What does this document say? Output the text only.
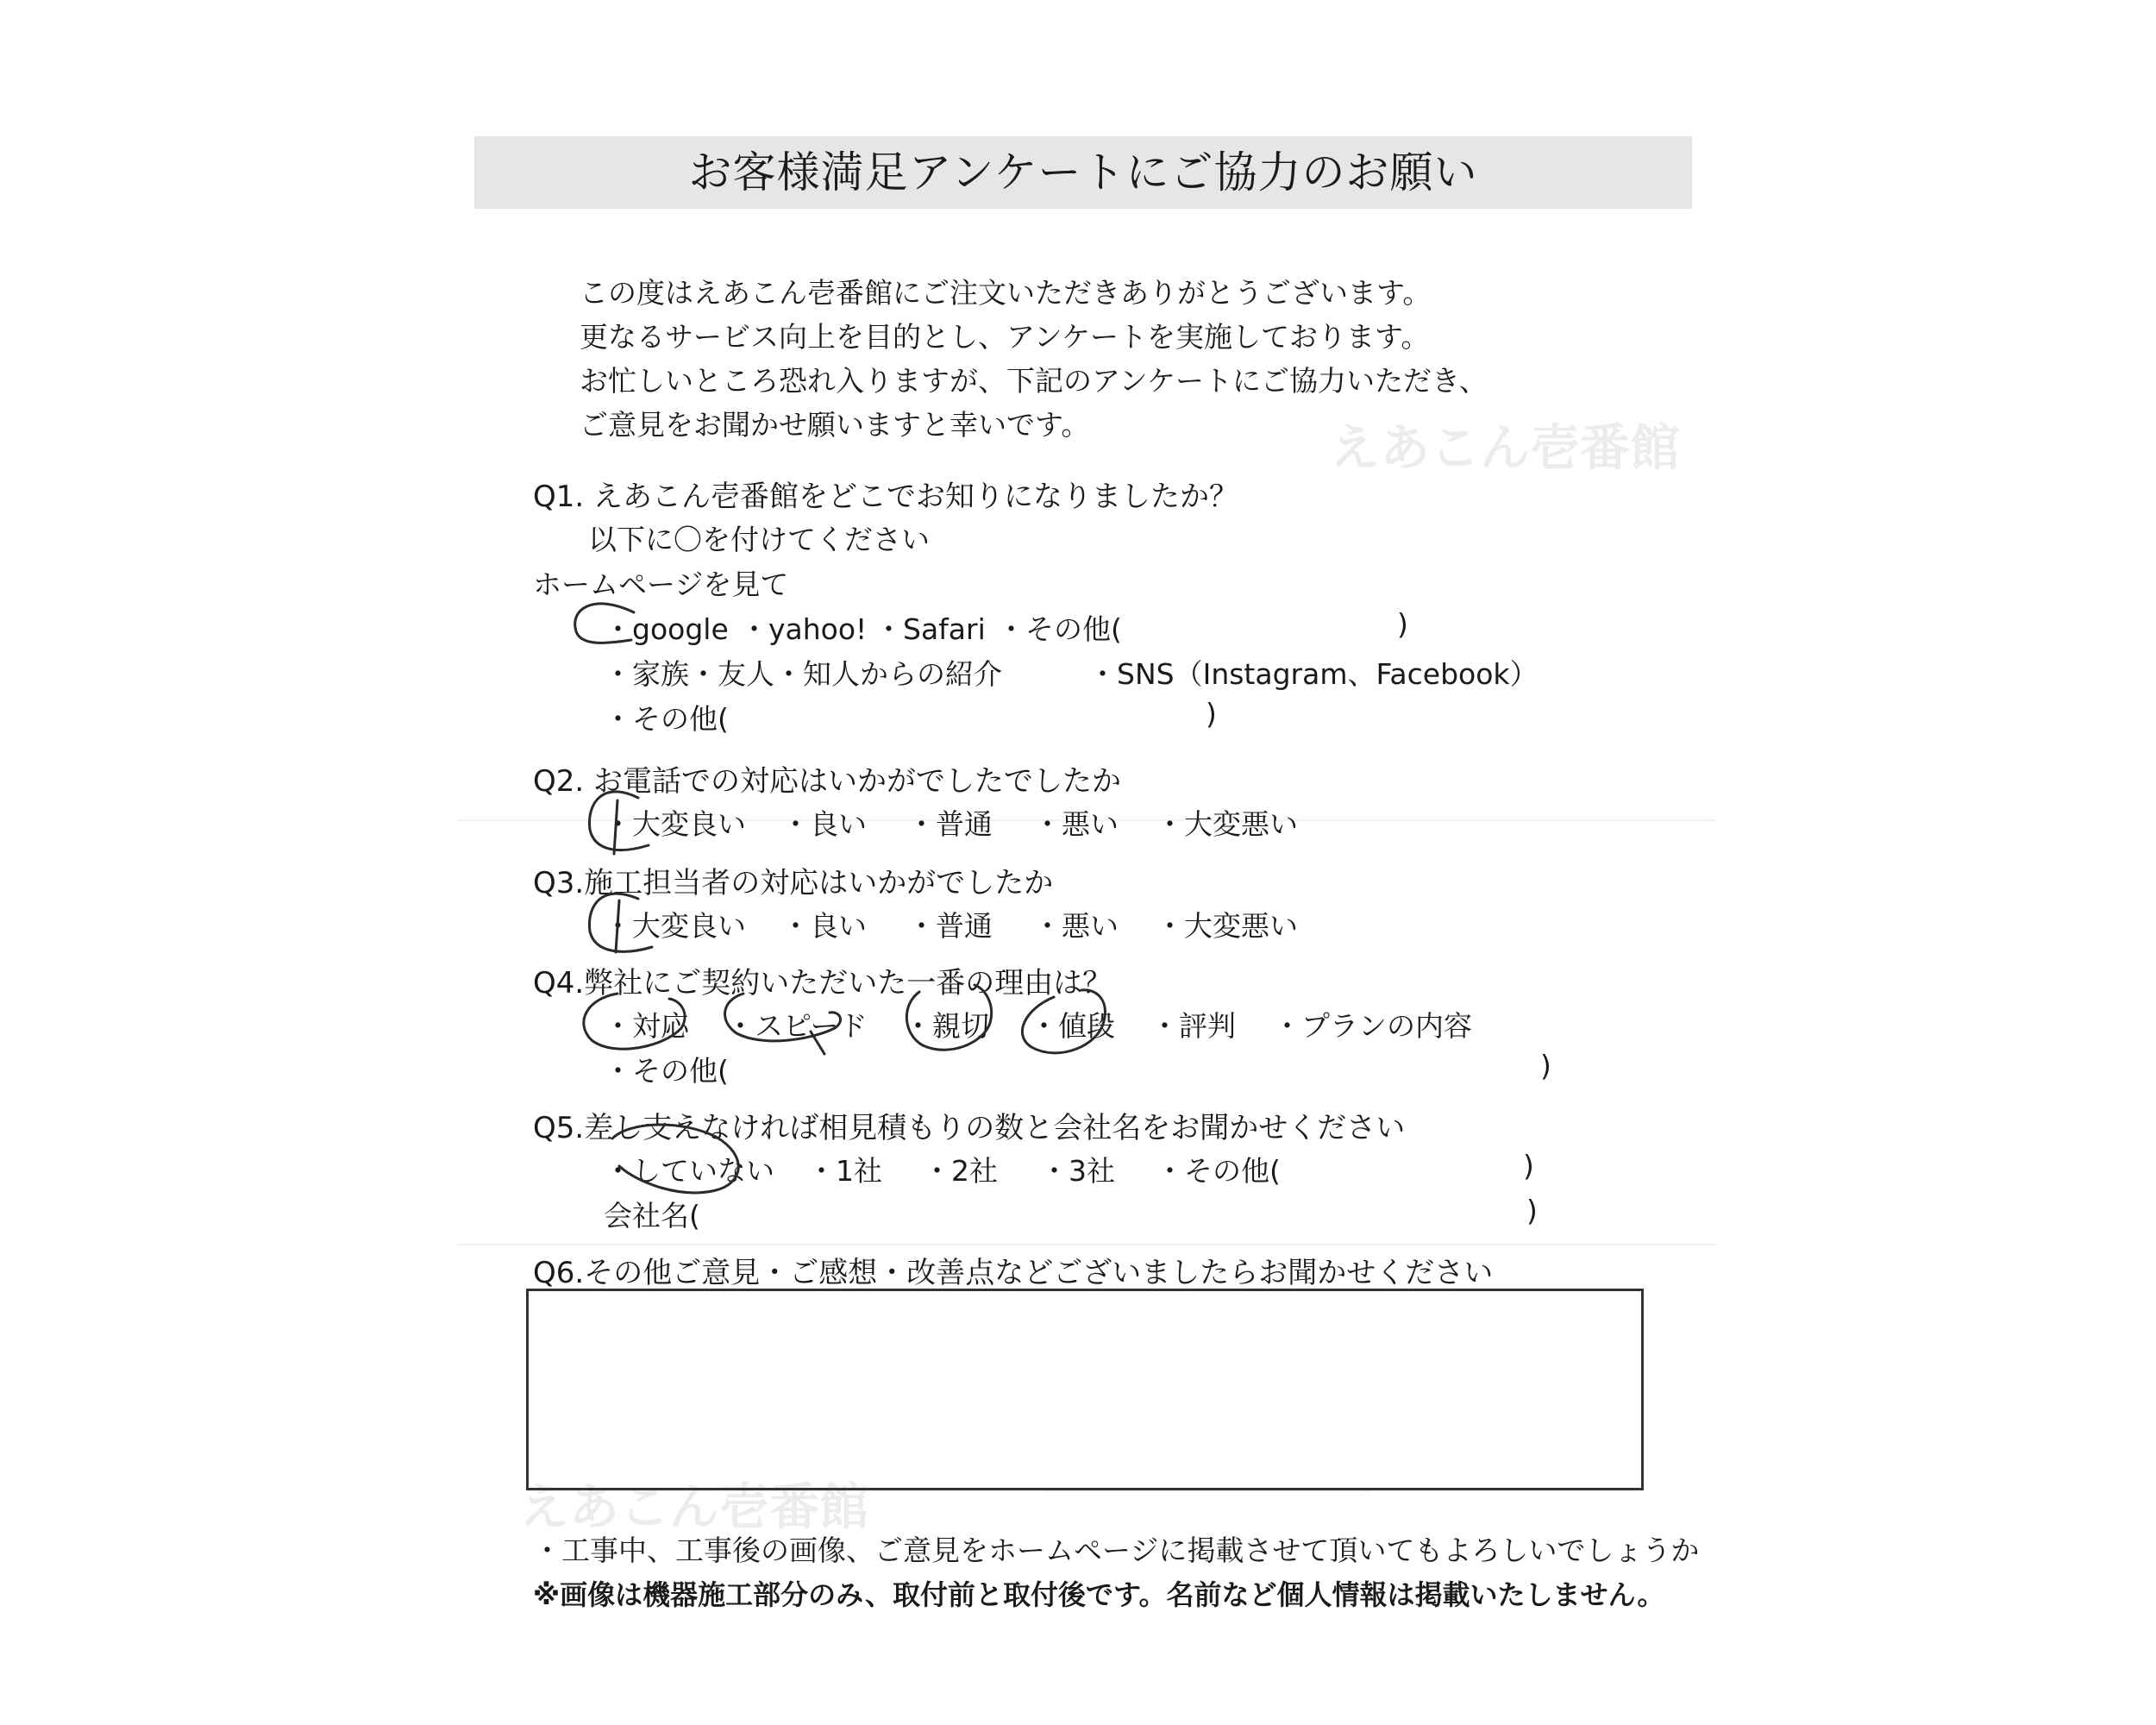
お客様満足アンケートにご協力のお願い
この度はえあこん壱番館にご注文いただきありがとうございます。
更なるサービス向上を目的とし、アンケートを実施しております。
お忙しいところ恐れ入りますが、下記のアンケートにご協力いただき、
ご意見をお聞かせ願いますと幸いです。	えあこん壱番館
えあこん壱番館
Q1. えあこん壱番館をどこでお知りになりましたか？
以下に〇を付けてください
ホームページを見て
・google ・yahoo! ・Safari ・その他(	)
・家族・友人・知人からの紹介	・SNS（Instagram、Facebook）
・その他(	)
Q2. お電話での対応はいかがでしたでしたか
・大変良い ・良い ・普通 ・悪い ・大変悪い
Q3.施工担当者の対応はいかがでしたか
・大変良い ・良い ・普通 ・悪い ・大変悪い
Q4.弊社にご契約いただいた一番の理由は？
・対応 ・スピード ・親切 ・値段 ・評判 ・プランの内容
・その他(	)
Q5.差し支えなければ相見積もりの数と会社名をお聞かせください
・していない ・1社 ・2社 ・3社 ・その他(	)
会社名(	)
Q6.その他ご意見・ご感想・改善点などございましたらお聞かせください
・工事中、工事後の画像、ご意見をホームページに掲載させて頂いてもよろしいでしょうか
※画像は機器施工部分のみ、取付前と取付後です。名前など個人情報は掲載いたしません。
